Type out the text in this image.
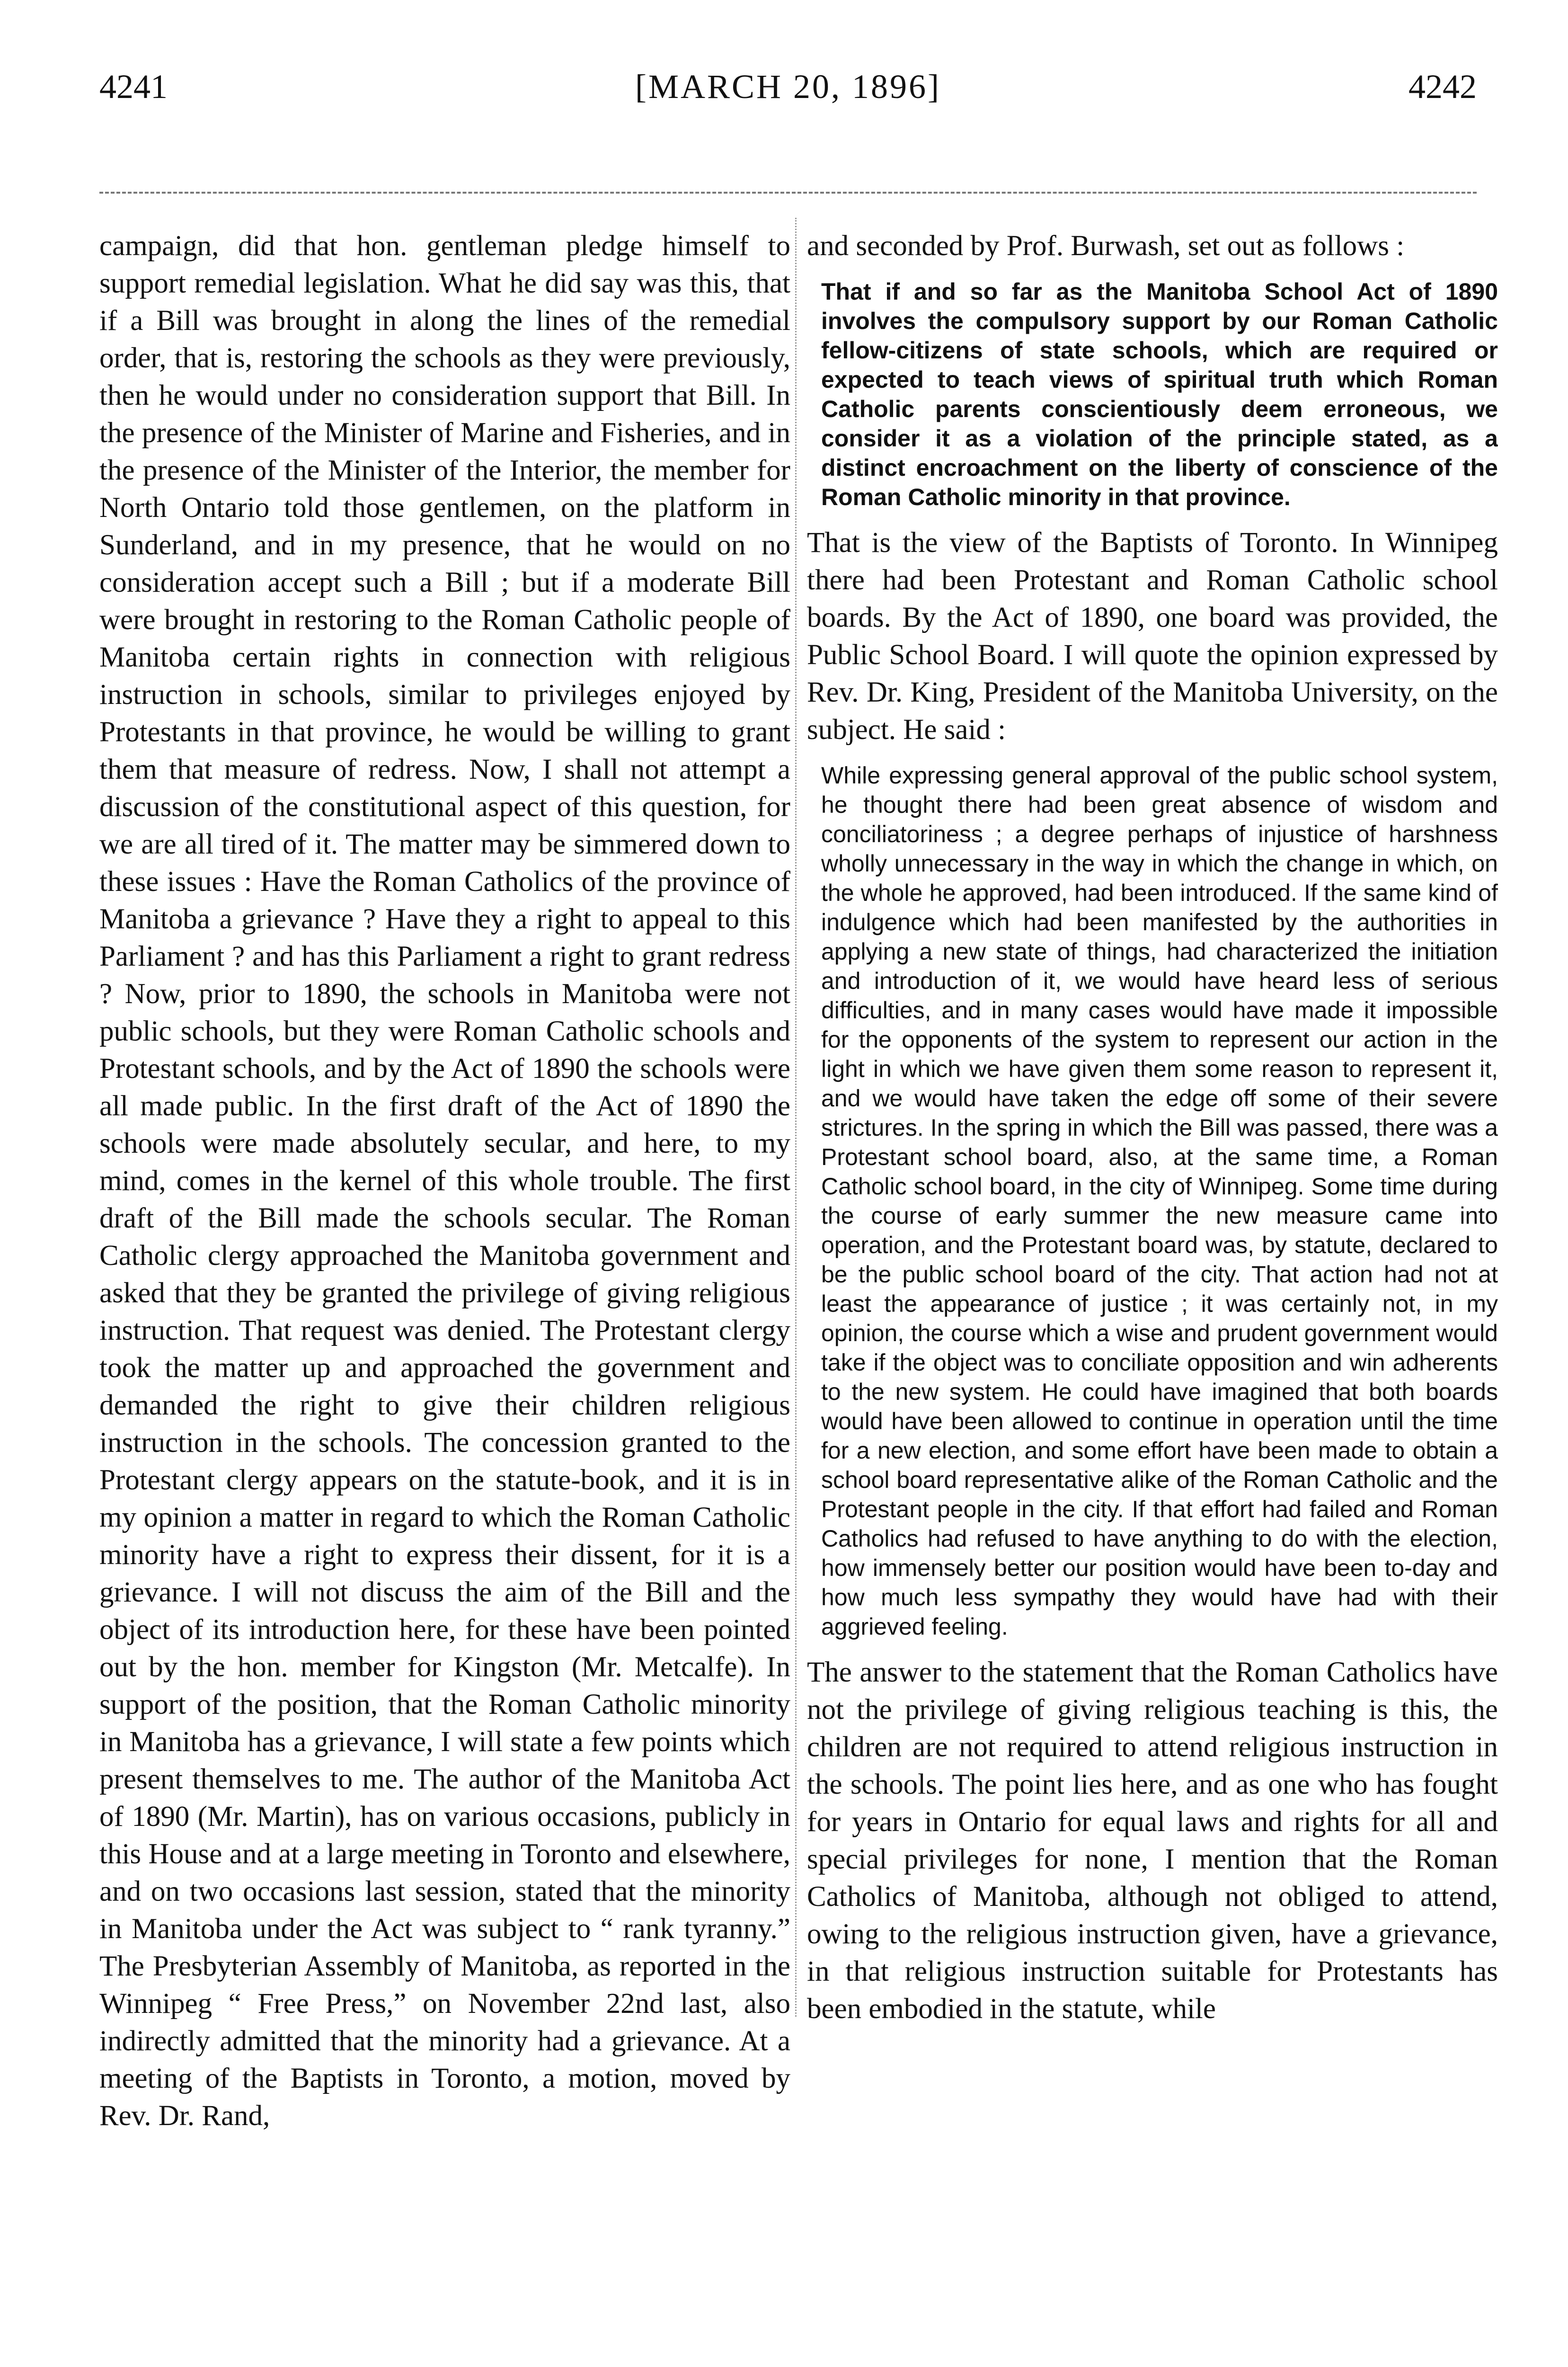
4241	[MARCH 20, 1896]	4242

campaign, did that hon. gentleman pledge himself to support remedial legislation. What he did say was this, that if a Bill was brought in along the lines of the remedial order, that is, restoring the schools as they were previously, then he would under no consideration support that Bill. In the presence of the Minister of Marine and Fisheries, and in the presence of the Minister of the Interior, the member for North Ontario told those gentlemen, on the platform in Sunderland, and in my presence, that he would on no consideration accept such a Bill ; but if a moderate Bill were brought in restoring to the Roman Catholic people of Manitoba certain rights in connection with religious instruction in schools, similar to privileges enjoyed by Protestants in that province, he would be willing to grant them that measure of redress. Now, I shall not attempt a discussion of the constitutional aspect of this question, for we are all tired of it. The matter may be simmered down to these issues : Have the Roman Catholics of the province of Manitoba a grievance ? Have they a right to appeal to this Parliament ? and has this Parliament a right to grant redress ? Now, prior to 1890, the schools in Manitoba were not public schools, but they were Roman Catholic schools and Protestant schools, and by the Act of 1890 the schools were all made public. In the first draft of the Act of 1890 the schools were made absolutely secular, and here, to my mind, comes in the kernel of this whole trouble. The first draft of the Bill made the schools secular. The Roman Catholic clergy approached the Manitoba government and asked that they be granted the privilege of giving religious instruction. That request was denied. The Protestant clergy took the matter up and approached the government and demanded the right to give their children religious instruction in the schools. The concession granted to the Protestant clergy appears on the statute-book, and it is in my opinion a matter in regard to which the Roman Catholic minority have a right to express their dissent, for it is a grievance. I will not discuss the aim of the Bill and the object of its introduction here, for these have been pointed out by the hon. member for Kingston (Mr. Metcalfe). In support of the position, that the Roman Catholic minority in Manitoba has a grievance, I will state a few points which present themselves to me. The author of the Manitoba Act of 1890 (Mr. Martin), has on various occasions, publicly in this House and at a large meeting in Toronto and elsewhere, and on two occasions last session, stated that the minority in Manitoba under the Act was subject to “ rank tyranny.” The Presbyterian Assembly of Manitoba, as reported in the Winnipeg “ Free Press,” on November 22nd last, also indirectly admitted that the minority had a grievance. At a meeting of the Baptists in Toronto, a motion, moved by Rev. Dr. Rand,

and seconded by Prof. Burwash, set out as follows :

That if and so far as the Manitoba School Act of 1890 involves the compulsory support by our Roman Catholic fellow-citizens of state schools, which are required or expected to teach views of spiritual truth which Roman Catholic parents conscientiously deem erroneous, we consider it as a violation of the principle stated, as a distinct encroachment on the liberty of conscience of the Roman Catholic minority in that province.

That is the view of the Baptists of Toronto. In Winnipeg there had been Protestant and Roman Catholic school boards. By the Act of 1890, one board was provided, the Public School Board. I will quote the opinion expressed by Rev. Dr. King, President of the Manitoba University, on the subject. He said :

While expressing general approval of the public school system, he thought there had been great absence of wisdom and conciliatoriness ; a degree perhaps of injustice of harshness wholly unnecessary in the way in which the change in which, on the whole he approved, had been introduced. If the same kind of indulgence which had been manifested by the authorities in applying a new state of things, had characterized the initiation and introduction of it, we would have heard less of serious difficulties, and in many cases would have made it impossible for the opponents of the system to represent our action in the light in which we have given them some reason to represent it, and we would have taken the edge off some of their severe strictures. In the spring in which the Bill was passed, there was a Protestant school board, also, at the same time, a Roman Catholic school board, in the city of Winnipeg. Some time during the course of early summer the new measure came into operation, and the Protestant board was, by statute, declared to be the public school board of the city. That action had not at least the appearance of justice ; it was certainly not, in my opinion, the course which a wise and prudent government would take if the object was to conciliate opposition and win adherents to the new system. He could have imagined that both boards would have been allowed to continue in operation until the time for a new election, and some effort have been made to obtain a school board representative alike of the Roman Catholic and the Protestant people in the city. If that effort had failed and Roman Catholics had refused to have anything to do with the election, how immensely better our position would have been to-day and how much less sympathy they would have had with their aggrieved feeling.

The answer to the statement that the Roman Catholics have not the privilege of giving religious teaching is this, the children are not required to attend religious instruction in the schools. The point lies here, and as one who has fought for years in Ontario for equal laws and rights for all and special privileges for none, I mention that the Roman Catholics of Manitoba, although not obliged to attend, owing to the religious instruction given, have a grievance, in that religious instruction suitable for Protestants has been embodied in the statute, while
